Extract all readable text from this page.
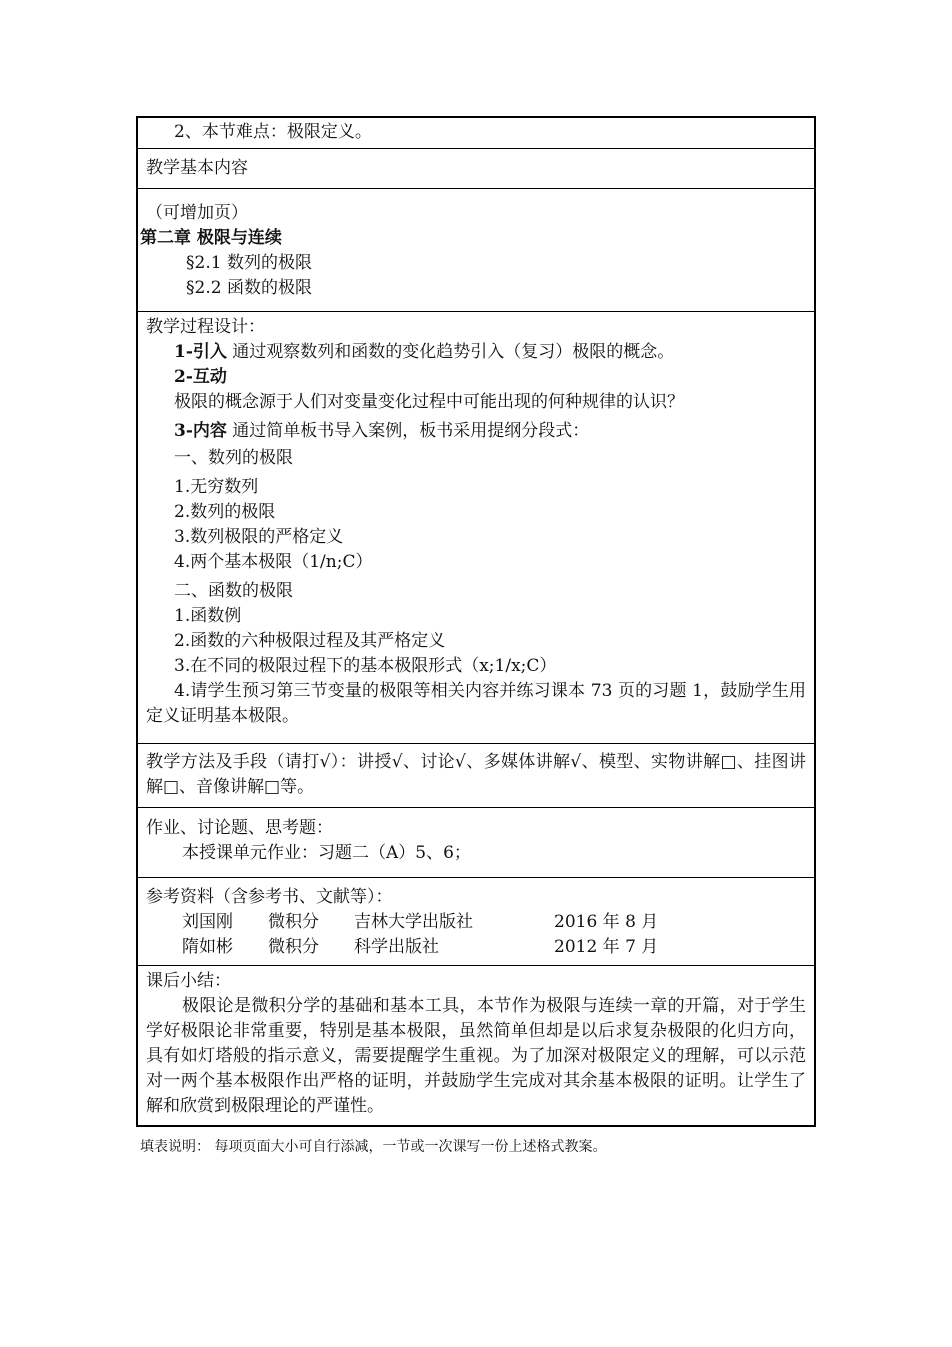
2、本节难点：极限定义。
教学基本内容
（可增加页）
第二章 极限与连续
§2.1 数列的极限
§2.2 函数的极限
教学过程设计：
1-引入 通过观察数列和函数的变化趋势引入（复习）极限的概念。
2-互动
极限的概念源于人们对变量变化过程中可能出现的何种规律的认识？
3-内容 通过简单板书导入案例，板书采用提纲分段式：
一、数列的极限
1.无穷数列
2.数列的极限
3.数列极限的严格定义
4.两个基本极限（1/n;C）
二、函数的极限
1.函数例
2.函数的六种极限过程及其严格定义
3.在不同的极限过程下的基本极限形式（x;1/x;C）
4.请学生预习第三节变量的极限等相关内容并练习课本 73 页的习题 1，鼓励学生用定义证明基本极限。
教学方法及手段（请打√）：讲授√、讨论√、多媒体讲解√、模型、实物讲解□、挂图讲解□、音像讲解□等。
作业、讨论题、思考题：
本授课单元作业：习题二（A）5、6；
参考资料（含参考书、文献等）：
刘国刚	微积分	吉林大学出版社	2016 年 8 月
隋如彬	微积分	科学出版社	2012 年 7 月
课后小结：
极限论是微积分学的基础和基本工具，本节作为极限与连续一章的开篇，对于学生学好极限论非常重要，特别是基本极限，虽然简单但却是以后求复杂极限的化归方向，具有如灯塔般的指示意义，需要提醒学生重视。为了加深对极限定义的理解，可以示范对一两个基本极限作出严格的证明，并鼓励学生完成对其余基本极限的证明。让学生了解和欣赏到极限理论的严谨性。
填表说明： 每项页面大小可自行添减，一节或一次课写一份上述格式教案。
